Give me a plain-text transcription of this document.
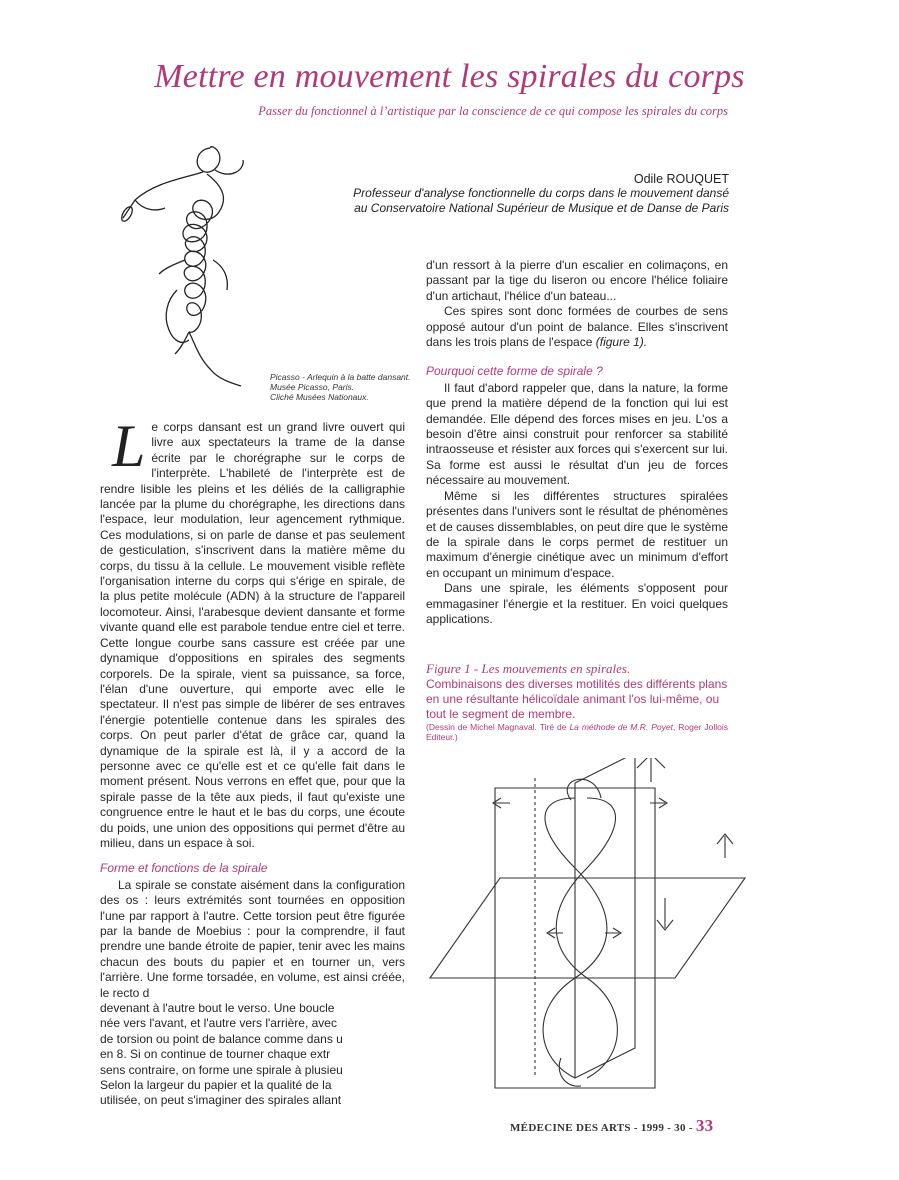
Mettre en mouvement les spirales du corps
Passer du fonctionnel à l’artistique par la conscience de ce qui compose les spirales du corps
Odile ROUQUET
Professeur d'analyse fonctionnelle du corps dans le mouvement dansé
au Conservatoire National Supérieur de Musique et de Danse de Paris
Picasso - Arlequin à la batte dansant.
Musée Picasso, Paris.
Cliché Musées Nationaux.

Le corps dansant est un grand livre ouvert qui livre aux spectateurs la trame de la danse écrite par le chorégraphe sur le corps de l'interprète. L'habileté de l'interprète est de rendre lisible les pleins et les déliés de la calligraphie lancée par la plume du chorégraphe, les directions dans l'espace, leur modulation, leur agencement rythmique. Ces modulations, si on parle de danse et pas seulement de gesticulation, s'inscrivent dans la matière même du corps, du tissu à la cellule. Le mouvement visible reflète l'organisation interne du corps qui s'érige en spirale, de la plus petite molécule (ADN) à la structure de l'appareil locomoteur. Ainsi, l'arabesque devient dansante et forme vivante quand elle est parabole tendue entre ciel et terre. Cette longue courbe sans cassure est créée par une dynamique d'oppositions en spirales des segments corporels. De la spirale, vient sa puissance, sa force, l'élan d'une ouverture, qui emporte avec elle le spectateur. Il n'est pas simple de libérer de ses entraves l'énergie potentielle contenue dans les spirales des corps. On peut parler d'état de grâce car, quand la dynamique de la spirale est là, il y a accord de la personne avec ce qu'elle est et ce qu'elle fait dans le moment présent. Nous verrons en effet que, pour que la spirale passe de la tête aux pieds, il faut qu'existe une congruence entre le haut et le bas du corps, une écoute du poids, une union des oppositions qui permet d'être au milieu, dans un espace à soi.

Forme et fonctions de la spirale

La spirale se constate aisément dans la configuration des os : leurs extrémités sont tournées en opposition l'une par rapport à l'autre. Cette torsion peut être figurée par la bande de Moebius : pour la comprendre, il faut prendre une bande étroite de papier, tenir avec les mains chacun des bouts du papier et en tourner un, vers l'arrière. Une forme torsadée, en volume, est ainsi créée, le recto d

devenant à l'autre bout le verso. Une boucle

née vers l'avant, et l'autre vers l'arrière, avec

de torsion ou point de balance comme dans u

en 8. Si on continue de tourner chaque extr

sens contraire, on forme une spirale à plusieu

Selon la largeur du papier et la qualité de la

utilisée, on peut s'imaginer des spirales allant

d'un ressort à la pierre d'un escalier en colimaçons, en passant par la tige du liseron ou encore l'hélice foliaire d'un artichaut, l'hélice d'un bateau...

Ces spires sont donc formées de courbes de sens opposé autour d'un point de balance. Elles s'inscrivent dans les trois plans de l'espace (figure 1).

Pourquoi cette forme de spirale ?

Il faut d'abord rappeler que, dans la nature, la forme que prend la matière dépend de la fonction qui lui est demandée. Elle dépend des forces mises en jeu. L'os a besoin d'être ainsi construit pour renforcer sa stabilité intraosseuse et résister aux forces qui s'exercent sur lui. Sa forme est aussi le résultat d'un jeu de forces nécessaire au mouvement.

Même si les différentes structures spiralées présentes dans l'univers sont le résultat de phénomènes et de causes dissemblables, on peut dire que le système de la spirale dans le corps permet de restituer un maximum d'énergie cinétique avec un minimum d'effort en occupant un minimum d'espace.

Dans une spirale, les éléments s'opposent pour emmagasiner l'énergie et la restituer. En voici quelques applications.

Figure 1 - Les mouvements en spirales.
Combinaisons des diverses motilités des différents plans en une résultante hélicoïdale animant l'os lui-même, ou tout le segment de membre.
(Dessin de Michel Magnaval. Tiré de La méthode de M.R. Poyet, Roger Jollois Editeur.)
MÉDECINE DES ARTS - 1999 - 30 - 33
